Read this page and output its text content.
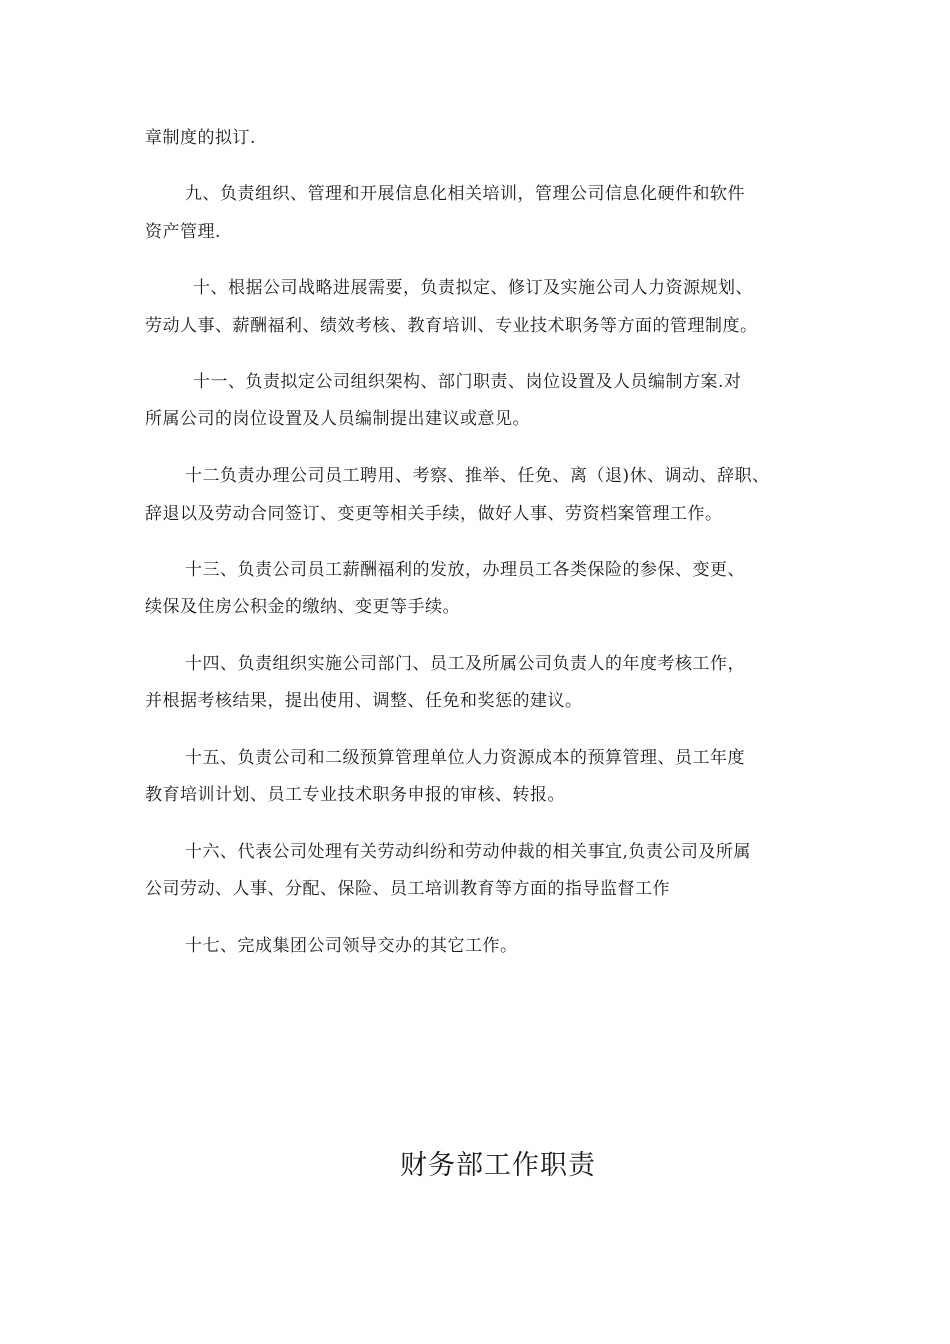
章制度的拟订.
九、负责组织、管理和开展信息化相关培训，管理公司信息化硬件和软件
资产管理.
十、根据公司战略进展需要，负责拟定、修订及实施公司人力资源规划、
劳动人事、薪酬福利、绩效考核、教育培训、专业技术职务等方面的管理制度。
十一、负责拟定公司组织架构、部门职责、岗位设置及人员编制方案.对
所属公司的岗位设置及人员编制提出建议或意见。
十二负责办理公司员工聘用、考察、推举、任免、离（退)休、调动、辞职、
辞退以及劳动合同签订、变更等相关手续，做好人事、劳资档案管理工作。
十三、负责公司员工薪酬福利的发放，办理员工各类保险的参保、变更、
续保及住房公积金的缴纳、变更等手续。
十四、负责组织实施公司部门、员工及所属公司负责人的年度考核工作，
并根据考核结果，提出使用、调整、任免和奖惩的建议。
十五、负责公司和二级预算管理单位人力资源成本的预算管理、员工年度
教育培训计划、员工专业技术职务申报的审核、转报。
十六、代表公司处理有关劳动纠纷和劳动仲裁的相关事宜,负责公司及所属
公司劳动、人事、分配、保险、员工培训教育等方面的指导监督工作
十七、完成集团公司领导交办的其它工作。
财务部工作职责
